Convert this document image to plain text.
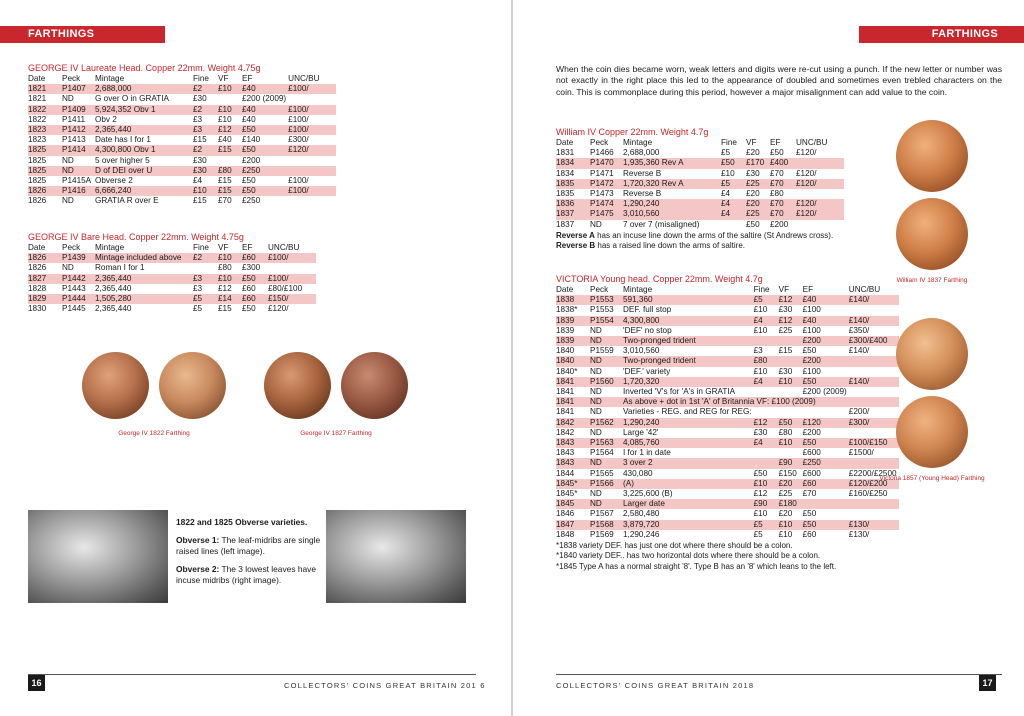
FARTHINGS
GEORGE IV Laureate Head. Copper 22mm. Weight 4.75g
Date	Peck	Mintage	Fine	VF	EF	UNC/BU
1821	P1407	2,688,000	£2	£10	£40	£100/
1821	ND	G over O in GRATIA	£30		£200 (2009)	
1822	P1409	5,924,352 Obv 1	£2	£10	£40	£100/
1822	P1411	Obv 2	£3	£10	£40	£100/
1823	P1412	2,365,440	£3	£12	£50	£100/
1823	P1413	Date has I for 1	£15	£40	£140	£300/
1825	P1414	4,300,800 Obv 1	£2	£15	£50	£120/
1825	ND	5 over higher 5	£30		£200	
1825	ND	D of DEI over U	£30	£80	£250	
1825	P1415A	Obverse 2	£4	£15	£50	£100/
1826	P1416	6,666,240	£10	£15	£50	£100/
1826	ND	GRATIA R over E	£15	£70	£250	
GEORGE IV Bare Head. Copper 22mm. Weight 4.75g
Date	Peck	Mintage	Fine	VF	EF	UNC/BU
1826	P1439	Mintage included above	£2	£10	£60	£100/
1826	ND	Roman I for 1		£80	£300	
1827	P1442	2,365,440	£3	£10	£50	£100/
1828	P1443	2,365,440	£3	£12	£60	£80/£100
1829	P1444	1,505,280	£5	£14	£60	£150/
1830	P1445	2,365,440	£5	£15	£50	£120/
George IV 1822 Farthing	George IV 1827 Farthing

1822 and 1825 Obverse varieties.

Obverse 1: The leaf-midribs are single raised lines (left image).

Obverse 2: The 3 lowest leaves have incuse midribs (right image).

16	COLLECTORS' COINS GREAT BRITAIN 201 6
FARTHINGS
When the coin dies became worn, weak letters and digits were re-cut using a punch. If the new letter or number was not exactly in the right place this led to the appearance of doubled and sometimes even trebled characters on the coin. This is commonplace during this period, however a major misalignment can add value to the coin.
William IV Copper 22mm. Weight 4.7g
Date	Peck	Mintage	Fine	VF	EF	UNC/BU
1831	P1466	2,688,000	£5	£20	£50	£120/
1834	P1470	1,935,360 Rev A	£50	£170	£400	
1834	P1471	Reverse B	£10	£30	£70	£120/
1835	P1472	1,720,320 Rev A	£5	£25	£70	£120/
1835	P1473	Reverse B	£4	£20	£80	
1836	P1474	1,290,240	£4	£20	£70	£120/
1837	P1475	3,010,560	£4	£25	£70	£120/
1837	ND	7 over 7 (misaligned)		£50	£200	
Reverse A has an incuse line down the arms of the saltire (St Andrews cross).
Reverse B has a raised line down the arms of saltire.
VICTORIA Young head. Copper 22mm. Weight 4.7g
Date	Peck	Mintage	Fine	VF	EF	UNC/BU
1838	P1553	591,360	£5	£12	£40	£140/
1838*	P1553	DEF. full stop	£10	£30	£100	
1839	P1554	4,300,800	£4	£12	£40	£140/
1839	ND	'DEF' no stop	£10	£25	£100	£350/
1839	ND	Two-pronged trident			£200	£300/£400
1840	P1559	3,010,560	£3	£15	£50	£140/
1840	ND	Two-pronged trident	£80		£200	
1840*	ND	'DEF.' variety	£10	£30	£100	
1841	P1560	1,720,320	£4	£10	£50	£140/
1841	ND	Inverted 'V's for 'A's in GRATIA			£200 (2009)	
1841	ND	As above + dot in 1st 'A' of Britannia VF: £100 (2009)				
1841	ND	Varieties - REG. and REG for REG:				£200/
1842	P1562	1,290,240	£12	£50	£120	£300/
1842	ND	Large '42'	£30	£80	£200	
1843	P1563	4,085,760	£4	£10	£50	£100/£150
1843	P1564	I for 1 in date			£600	£1500/
1843	ND	3 over 2		£90	£250	
1844	P1565	430,080	£50	£150	£600	£2200/£2500
1845*	P1566	(A)	£10	£20	£60	£120/£200
1845*	ND	3,225,600 (B)	£12	£25	£70	£160/£250
1845	ND	Larger date	£90	£180		
1846	P1567	2,580,480	£10	£20	£50	
1847	P1568	3,879,720	£5	£10	£50	£130/
1848	P1569	1,290,246	£5	£10	£60	£130/
*1838 variety DEF. has just one dot where there should be a colon.
*1840 variety DEF.. has two horizontal dots where there should be a colon.
*1845 Type A has a normal straight '8'. Type B has an '8' which leans to the left.
William IV 1837 Farthing
Victoria 1857 (Young Head) Farthing
COLLECTORS' COINS GREAT BRITAIN 2018	17
